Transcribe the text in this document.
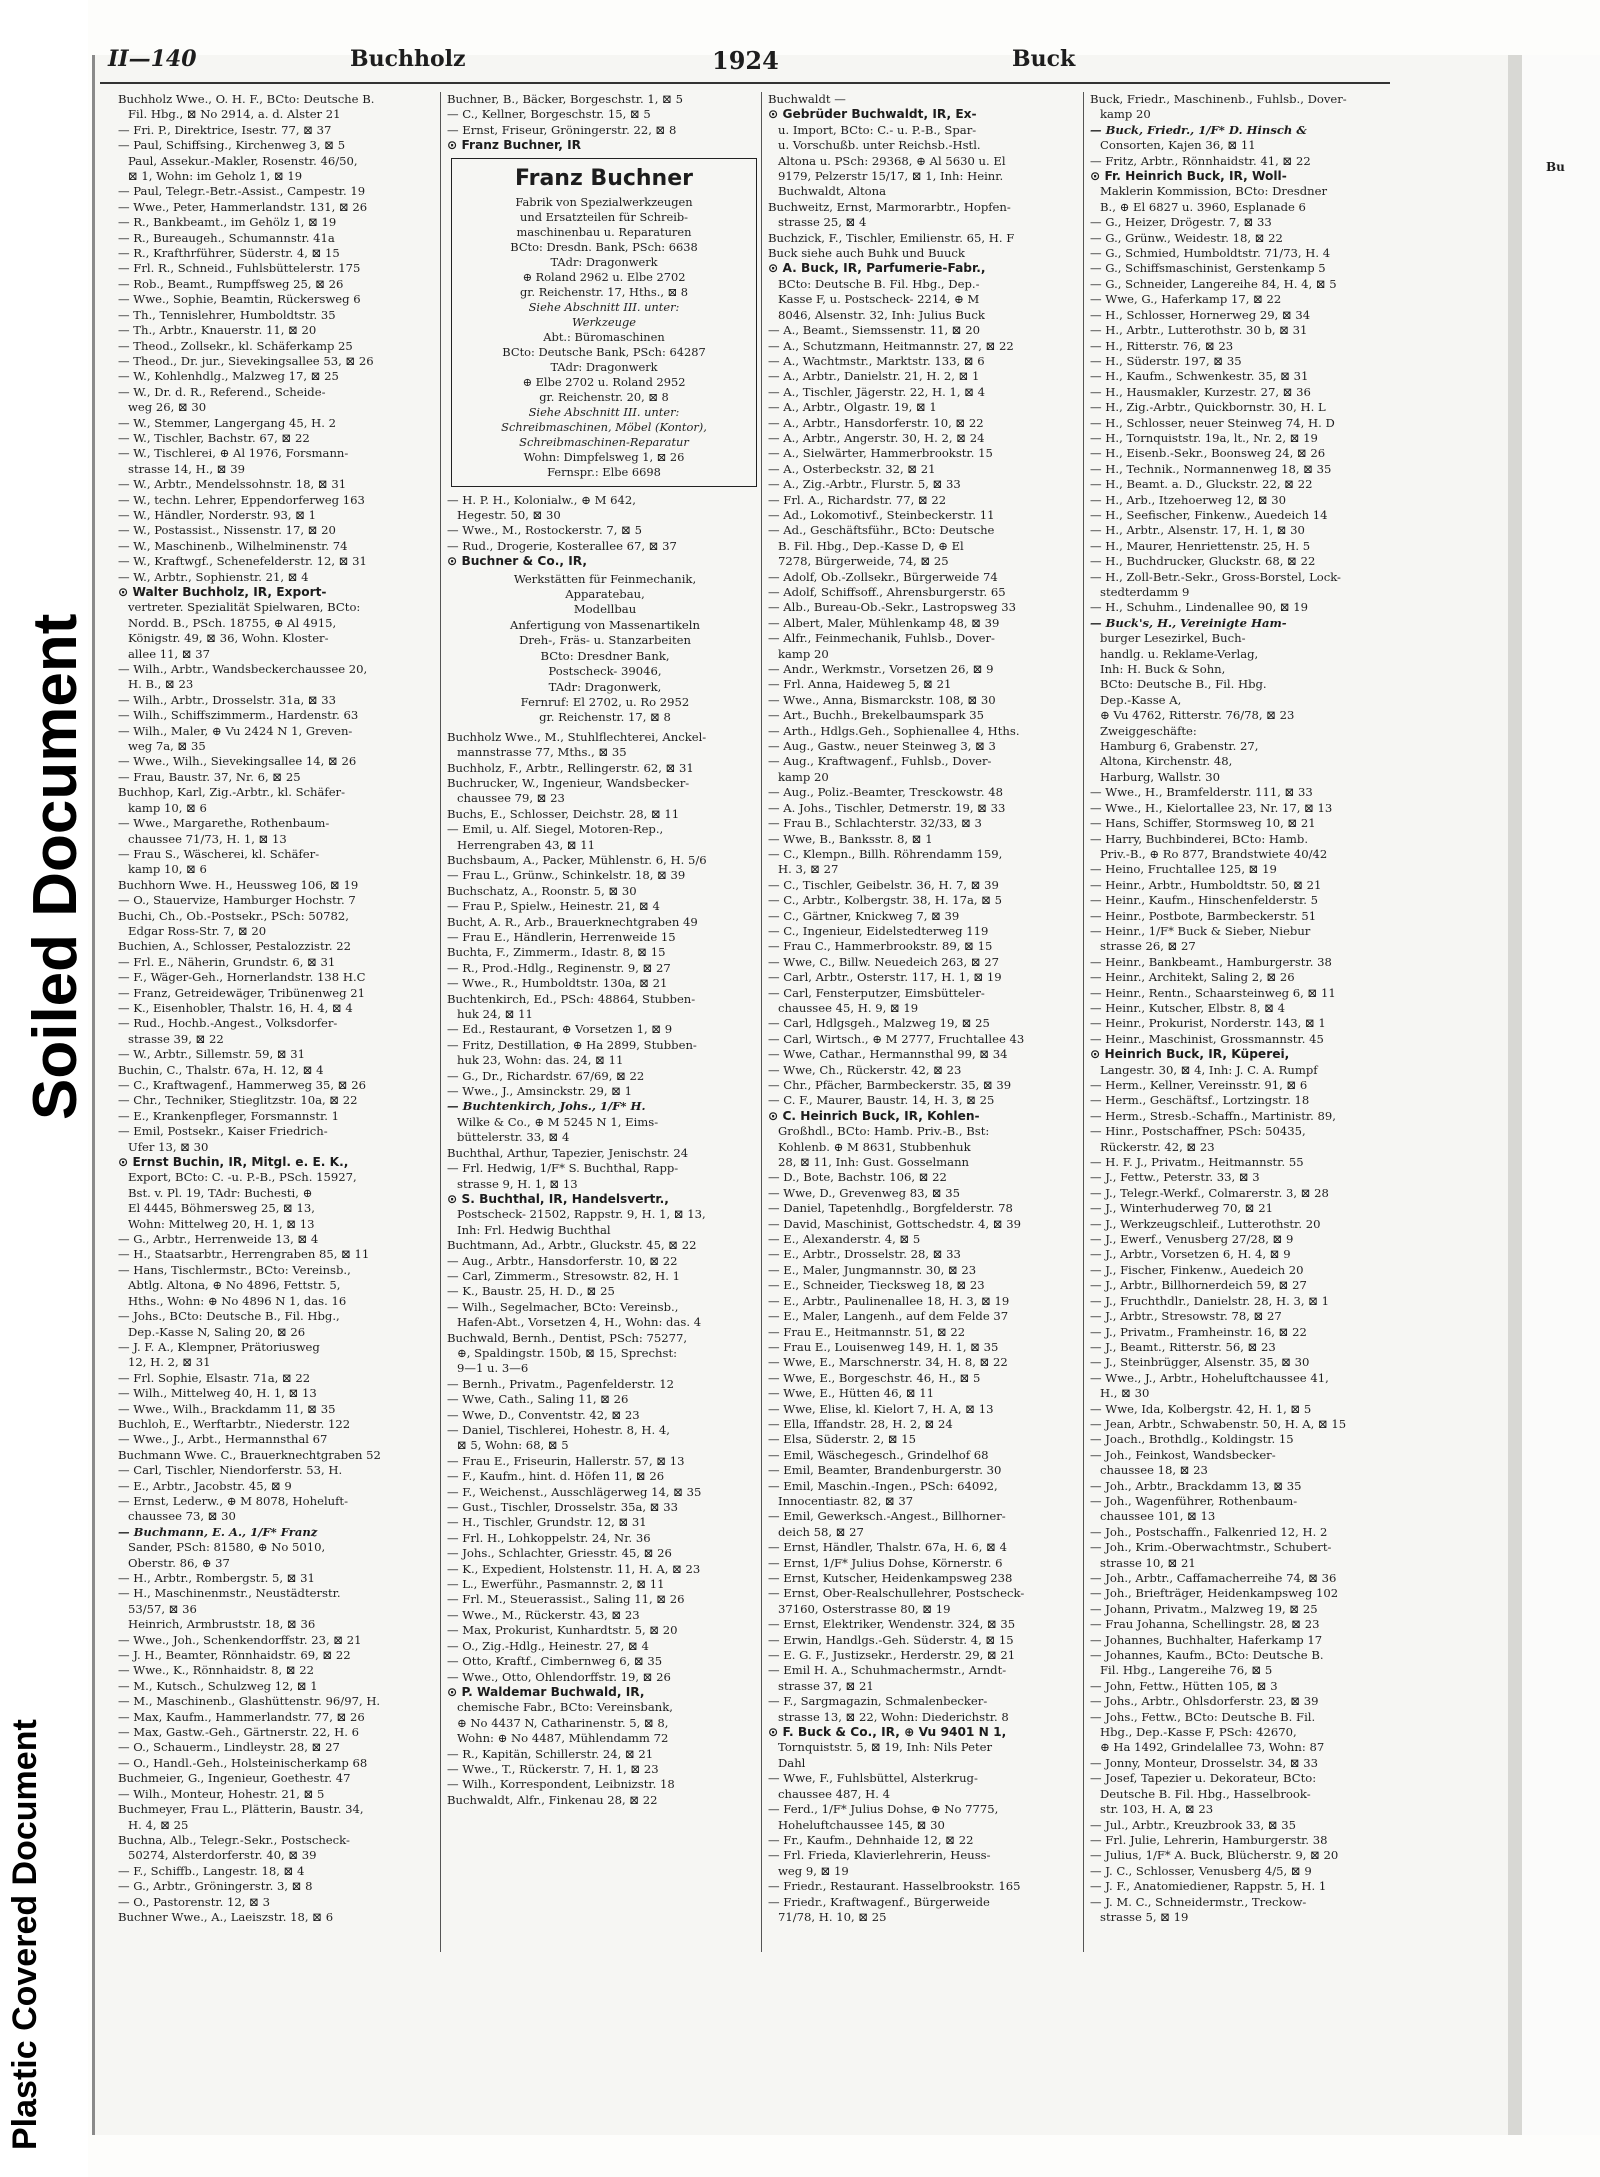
Plastic Covered Document
Soiled Document
Bu
II—140	Buchholz	1924	Buck
Buchholz Wwe., O. H. F., BCto: Deutsche B.
Fil. Hbg., ⊠ No 2914, a. d. Alster 21
— Fri. P., Direktrice, Isestr. 77, ⊠ 37
— Paul, Schiffsing., Kirchenweg 3, ⊠ 5
Paul, Assekur.-Makler, Rosenstr. 46/50,
⊠ 1, Wohn: im Geholz 1, ⊠ 19
— Paul, Telegr.-Betr.-Assist., Campestr. 19
— Wwe., Peter, Hammerlandstr. 131, ⊠ 26
— R., Bankbeamt., im Gehölz 1, ⊠ 19
— R., Bureaugeh., Schumannstr. 41a
— R., Krafthrführer, Süderstr. 4, ⊠ 15
— Frl. R., Schneid., Fuhlsbüttelerstr. 175
— Rob., Beamt., Rumpffsweg 25, ⊠ 26
— Wwe., Sophie, Beamtin, Rückersweg 6
— Th., Tennislehrer, Humboldtstr. 35
— Th., Arbtr., Knauerstr. 11, ⊠ 20
— Theod., Zollsekr., kl. Schäferkamp 25
— Theod., Dr. jur., Sievekingsallee 53, ⊠ 26
— W., Kohlenhdlg., Malzweg 17, ⊠ 25
— W., Dr. d. R., Referend., Scheide-
weg 26, ⊠ 30
— W., Stemmer, Langergang 45, H. 2
— W., Tischler, Bachstr. 67, ⊠ 22
— W., Tischlerei, ⊕ Al 1976, Forsmann-
strasse 14, H., ⊠ 39
— W., Arbtr., Mendelssohnstr. 18, ⊠ 31
— W., techn. Lehrer, Eppendorferweg 163
— W., Händler, Norderstr. 93, ⊠ 1
— W., Postassist., Nissenstr. 17, ⊠ 20
— W., Maschinenb., Wilhelminenstr. 74
— W., Kraftwgf., Schenefelderstr. 12, ⊠ 31
— W., Arbtr., Sophienstr. 21, ⊠ 4
⊙ Walter Buchholz, IR, Export-
vertreter. Spezialität Spielwaren, BCto:
Nordd. B., PSch. 18755, ⊕ Al 4915,
Königstr. 49, ⊠ 36, Wohn. Kloster-
allee 11, ⊠ 37
— Wilh., Arbtr., Wandsbeckerchaussee 20,
H. B., ⊠ 23
— Wilh., Arbtr., Drosselstr. 31a, ⊠ 33
— Wilh., Schiffszimmerm., Hardenstr. 63
— Wilh., Maler, ⊕ Vu 2424 N 1, Greven-
weg 7a, ⊠ 35
— Wwe., Wilh., Sievekingsallee 14, ⊠ 26
— Frau, Baustr. 37, Nr. 6, ⊠ 25
Buchhop, Karl, Zig.-Arbtr., kl. Schäfer-
kamp 10, ⊠ 6
— Wwe., Margarethe, Rothenbaum-
chaussee 71/73, H. 1, ⊠ 13
— Frau S., Wäscherei, kl. Schäfer-
kamp 10, ⊠ 6
Buchhorn Wwe. H., Heussweg 106, ⊠ 19
— O., Stauervize, Hamburger Hochstr. 7
Buchi, Ch., Ob.-Postsekr., PSch: 50782,
Edgar Ross-Str. 7, ⊠ 20
Buchien, A., Schlosser, Pestalozzistr. 22
— Frl. E., Näherin, Grundstr. 6, ⊠ 31
— F., Wäger-Geh., Hornerlandstr. 138 H.C
— Franz, Getreidewäger, Tribünenweg 21
— K., Eisenhobler, Thalstr. 16, H. 4, ⊠ 4
— Rud., Hochb.-Angest., Volksdorfer-
strasse 39, ⊠ 22
— W., Arbtr., Sillemstr. 59, ⊠ 31
Buchin, C., Thalstr. 67a, H. 12, ⊠ 4
— C., Kraftwagenf., Hammerweg 35, ⊠ 26
— Chr., Techniker, Stieglitzstr. 10a, ⊠ 22
— E., Krankenpfleger, Forsmannstr. 1
— Emil, Postsekr., Kaiser Friedrich-
Ufer 13, ⊠ 30
⊙ Ernst Buchin, IR, Mitgl. e. E. K.,
Export, BCto: C. -u. P.-B., PSch. 15927,
Bst. v. Pl. 19, TAdr: Buchesti, ⊕
El 4445, Böhmersweg 25, ⊠ 13,
Wohn: Mittelweg 20, H. 1, ⊠ 13
— G., Arbtr., Herrenweide 13, ⊠ 4
— H., Staatsarbtr., Herrengraben 85, ⊠ 11
— Hans, Tischlermstr., BCto: Vereinsb.,
Abtlg. Altona, ⊕ No 4896, Fettstr. 5,
Hths., Wohn: ⊕ No 4896 N 1, das. 16
— Johs., BCto: Deutsche B., Fil. Hbg.,
Dep.-Kasse N, Saling 20, ⊠ 26
— J. F. A., Klempner, Prätoriusweg
12, H. 2, ⊠ 31
— Frl. Sophie, Elsastr. 71a, ⊠ 22
— Wilh., Mittelweg 40, H. 1, ⊠ 13
— Wwe., Wilh., Brackdamm 11, ⊠ 35
Buchloh, E., Werftarbtr., Niederstr. 122
— Wwe., J., Arbt., Hermannsthal 67
Buchmann Wwe. C., Brauerknechtgraben 52
— Carl, Tischler, Niendorferstr. 53, H.
— E., Arbtr., Jacobstr. 45, ⊠ 9
— Ernst, Lederw., ⊕ M 8078, Hoheluft-
chaussee 73, ⊠ 30
— Buchmann, E. A., 1/F* Franz
Sander, PSch: 81580, ⊕ No 5010,
Oberstr. 86, ⊕ 37
— H., Arbtr., Rombergstr. 5, ⊠ 31
— H., Maschinenmstr., Neustädterstr.
53/57, ⊠ 36
Heinrich, Armbruststr. 18, ⊠ 36
— Wwe., Joh., Schenkendorffstr. 23, ⊠ 21
— J. H., Beamter, Rönnhaidstr. 69, ⊠ 22
— Wwe., K., Rönnhaidstr. 8, ⊠ 22
— M., Kutsch., Schulzweg 12, ⊠ 1
— M., Maschinenb., Glashüttenstr. 96/97, H.
— Max, Kaufm., Hammerlandstr. 77, ⊠ 26
— Max, Gastw.-Geh., Gärtnerstr. 22, H. 6
— O., Schauerm., Lindleystr. 28, ⊠ 27
— O., Handl.-Geh., Holsteinischerkamp 68
Buchmeier, G., Ingenieur, Goethestr. 47
— Wilh., Monteur, Hohestr. 21, ⊠ 5
Buchmeyer, Frau L., Plätterin, Baustr. 34,
H. 4, ⊠ 25
Buchna, Alb., Telegr.-Sekr., Postscheck-
50274, Alsterdorferstr. 40, ⊠ 39
— F., Schiffb., Langestr. 18, ⊠ 4
— G., Arbtr., Gröningerstr. 3, ⊠ 8
— O., Pastorenstr. 12, ⊠ 3
Buchner Wwe., A., Laeiszstr. 18, ⊠ 6
Buchner, B., Bäcker, Borgeschstr. 1, ⊠ 5
— C., Kellner, Borgeschstr. 15, ⊠ 5
— Ernst, Friseur, Gröningerstr. 22, ⊠ 8
⊙ Franz Buchner, IR
Franz Buchner
Fabrik von Spezialwerkzeugen
und Ersatzteilen für Schreib-
maschinenbau u. Reparaturen
BCto: Dresdn. Bank, PSch: 6638
TAdr: Dragonwerk
⊕ Roland 2962 u. Elbe 2702
gr. Reichenstr. 17, Hths., ⊠ 8
Siehe Abschnitt III. unter:
Werkzeuge
Abt.: Büromaschinen
BCto: Deutsche Bank, PSch: 64287
TAdr: Dragonwerk
⊕ Elbe 2702 u. Roland 2952
gr. Reichenstr. 20, ⊠ 8
Siehe Abschnitt III. unter:
Schreibmaschinen, Möbel (Kontor),
Schreibmaschinen-Reparatur
Wohn: Dimpfelsweg 1, ⊠ 26
Fernspr.: Elbe 6698
— H. P. H., Kolonialw., ⊕ M 642,
Hegestr. 50, ⊠ 30
— Wwe., M., Rostockerstr. 7, ⊠ 5
— Rud., Drogerie, Kosterallee 67, ⊠ 37
⊙ Buchner & Co., IR,
Werkstätten für Feinmechanik,
Apparatebau,
Modellbau
Anfertigung von Massenartikeln
Dreh-, Fräs- u. Stanzarbeiten
BCto: Dresdner Bank,
Postscheck- 39046,
TAdr: Dragonwerk,
Fernruf: El 2702, u. Ro 2952
gr. Reichenstr. 17, ⊠ 8
Buchholz Wwe., M., Stuhlflechterei, Anckel-
mannstrasse 77, Mths., ⊠ 35
Buchholz, F., Arbtr., Rellingerstr. 62, ⊠ 31
Buchrucker, W., Ingenieur, Wandsbecker-
chaussee 79, ⊠ 23
Buchs, E., Schlosser, Deichstr. 28, ⊠ 11
— Emil, u. Alf. Siegel, Motoren-Rep.,
Herrengraben 43, ⊠ 11
Buchsbaum, A., Packer, Mühlenstr. 6, H. 5/6
— Frau L., Grünw., Schinkelstr. 18, ⊠ 39
Buchschatz, A., Roonstr. 5, ⊠ 30
— Frau P., Spielw., Heinestr. 21, ⊠ 4
Bucht, A. R., Arb., Brauerknechtgraben 49
— Frau E., Händlerin, Herrenweide 15
Buchta, F., Zimmerm., Idastr. 8, ⊠ 15
— R., Prod.-Hdlg., Reginenstr. 9, ⊠ 27
— Wwe., R., Humboldtstr. 130a, ⊠ 21
Buchtenkirch, Ed., PSch: 48864, Stubben-
huk 24, ⊠ 11
— Ed., Restaurant, ⊕ Vorsetzen 1, ⊠ 9
— Fritz, Destillation, ⊕ Ha 2899, Stubben-
huk 23, Wohn: das. 24, ⊠ 11
— G., Dr., Richardstr. 67/69, ⊠ 22
— Wwe., J., Amsinckstr. 29, ⊠ 1
— Buchtenkirch, Johs., 1/F* H.
Wilke & Co., ⊕ M 5245 N 1, Eims-
büttelerstr. 33, ⊠ 4
Buchthal, Arthur, Tapezier, Jenischstr. 24
— Frl. Hedwig, 1/F* S. Buchthal, Rapp-
strasse 9, H. 1, ⊠ 13
⊙ S. Buchthal, IR, Handelsvertr.,
Postscheck- 21502, Rappstr. 9, H. 1, ⊠ 13,
Inh: Frl. Hedwig Buchthal
Buchtmann, Ad., Arbtr., Gluckstr. 45, ⊠ 22
— Aug., Arbtr., Hansdorferstr. 10, ⊠ 22
— Carl, Zimmerm., Stresowstr. 82, H. 1
— K., Baustr. 25, H. D., ⊠ 25
— Wilh., Segelmacher, BCto: Vereinsb.,
Hafen-Abt., Vorsetzen 4, H., Wohn: das. 4
Buchwald, Bernh., Dentist, PSch: 75277,
⊕, Spaldingstr. 150b, ⊠ 15, Sprechst:
9—1 u. 3—6
— Bernh., Privatm., Pagenfelderstr. 12
— Wwe, Cath., Saling 11, ⊠ 26
— Wwe, D., Conventstr. 42, ⊠ 23
— Daniel, Tischlerei, Hohestr. 8, H. 4,
⊠ 5, Wohn: 68, ⊠ 5
— Frau E., Friseurin, Hallerstr. 57, ⊠ 13
— F., Kaufm., hint. d. Höfen 11, ⊠ 26
— F., Weichenst., Ausschlägerweg 14, ⊠ 35
— Gust., Tischler, Drosselstr. 35a, ⊠ 33
— H., Tischler, Grundstr. 12, ⊠ 31
— Frl. H., Lohkoppelstr. 24, Nr. 36
— Johs., Schlachter, Griesstr. 45, ⊠ 26
— K., Expedient, Holstenstr. 11, H. A, ⊠ 23
— L., Ewerführ., Pasmannstr. 2, ⊠ 11
— Frl. M., Steuerassist., Saling 11, ⊠ 26
— Wwe., M., Rückerstr. 43, ⊠ 23
— Max, Prokurist, Kunhardtstr. 5, ⊠ 20
— O., Zig.-Hdlg., Heinestr. 27, ⊠ 4
— Otto, Kraftf., Cimbernweg 6, ⊠ 35
— Wwe., Otto, Ohlendorffstr. 19, ⊠ 26
⊙ P. Waldemar Buchwald, IR,
chemische Fabr., BCto: Vereinsbank,
⊕ No 4437 N, Catharinenstr. 5, ⊠ 8,
Wohn: ⊕ No 4487, Mühlendamm 72
— R., Kapitän, Schillerstr. 24, ⊠ 21
— Wwe., T., Rückerstr. 7, H. 1, ⊠ 23
— Wilh., Korrespondent, Leibnizstr. 18
Buchwaldt, Alfr., Finkenau 28, ⊠ 22
Buchwaldt —
⊙ Gebrüder Buchwaldt, IR, Ex-
u. Import, BCto: C.- u. P.-B., Spar-
u. Vorschußb. unter Reichsb.-Hstl.
Altona u. PSch: 29368, ⊕ Al 5630 u. El
9179, Pelzerstr 15/17, ⊠ 1, Inh: Heinr.
Buchwaldt, Altona
Buchweitz, Ernst, Marmorarbtr., Hopfen-
strasse 25, ⊠ 4
Buchzick, F., Tischler, Emilienstr. 65, H. F
Buck siehe auch Buhk und Buuck
⊙ A. Buck, IR, Parfumerie-Fabr.,
BCto: Deutsche B. Fil. Hbg., Dep.-
Kasse F, u. Postscheck- 2214, ⊕ M
8046, Alsenstr. 32, Inh: Julius Buck
— A., Beamt., Siemssenstr. 11, ⊠ 20
— A., Schutzmann, Heitmannstr. 27, ⊠ 22
— A., Wachtmstr., Marktstr. 133, ⊠ 6
— A., Arbtr., Danielstr. 21, H. 2, ⊠ 1
— A., Tischler, Jägerstr. 22, H. 1, ⊠ 4
— A., Arbtr., Olgastr. 19, ⊠ 1
— A., Arbtr., Hansdorferstr. 10, ⊠ 22
— A., Arbtr., Angerstr. 30, H. 2, ⊠ 24
— A., Sielwärter, Hammerbrookstr. 15
— A., Osterbeckstr. 32, ⊠ 21
— A., Zig.-Arbtr., Flurstr. 5, ⊠ 33
— Frl. A., Richardstr. 77, ⊠ 22
— Ad., Lokomotivf., Steinbeckerstr. 11
— Ad., Geschäftsführ., BCto: Deutsche
B. Fil. Hbg., Dep.-Kasse D, ⊕ El
7278, Bürgerweide, 74, ⊠ 25
— Adolf, Ob.-Zollsekr., Bürgerweide 74
— Adolf, Schiffsoff., Ahrensburgerstr. 65
— Alb., Bureau-Ob.-Sekr., Lastropsweg 33
— Albert, Maler, Mühlenkamp 48, ⊠ 39
— Alfr., Feinmechanik, Fuhlsb., Dover-
kamp 20
— Andr., Werkmstr., Vorsetzen 26, ⊠ 9
— Frl. Anna, Haideweg 5, ⊠ 21
— Wwe., Anna, Bismarckstr. 108, ⊠ 30
— Art., Buchh., Brekelbaumspark 35
— Arth., Hdlgs.Geh., Sophienallee 4, Hths.
— Aug., Gastw., neuer Steinweg 3, ⊠ 3
— Aug., Kraftwagenf., Fuhlsb., Dover-
kamp 20
— Aug., Poliz.-Beamter, Tresckowstr. 48
— A. Johs., Tischler, Detmerstr. 19, ⊠ 33
— Frau B., Schlachterstr. 32/33, ⊠ 3
— Wwe, B., Banksstr. 8, ⊠ 1
— C., Klempn., Billh. Röhrendamm 159,
H. 3, ⊠ 27
— C., Tischler, Geibelstr. 36, H. 7, ⊠ 39
— C., Arbtr., Kolbergstr. 38, H. 17a, ⊠ 5
— C., Gärtner, Knickweg 7, ⊠ 39
— C., Ingenieur, Eidelstedterweg 119
— Frau C., Hammerbrookstr. 89, ⊠ 15
— Wwe, C., Billw. Neuedeich 263, ⊠ 27
— Carl, Arbtr., Osterstr. 117, H. 1, ⊠ 19
— Carl, Fensterputzer, Eimsbütteler-
chaussee 45, H. 9, ⊠ 19
— Carl, Hdlgsgeh., Malzweg 19, ⊠ 25
— Carl, Wirtsch., ⊕ M 2777, Fruchtallee 43
— Wwe, Cathar., Hermannsthal 99, ⊠ 34
— Wwe, Ch., Rückerstr. 42, ⊠ 23
— Chr., Pfächer, Barmbeckerstr. 35, ⊠ 39
— C. F., Maurer, Baustr. 14, H. 3, ⊠ 25
⊙ C. Heinrich Buck, IR, Kohlen-
Großhdl., BCto: Hamb. Priv.-B., Bst:
Kohlenb. ⊕ M 8631, Stubbenhuk
28, ⊠ 11, Inh: Gust. Gosselmann
— D., Bote, Bachstr. 106, ⊠ 22
— Wwe, D., Grevenweg 83, ⊠ 35
— Daniel, Tapetenhdlg., Borgfelderstr. 78
— David, Maschinist, Gottschedstr. 4, ⊠ 39
— E., Alexanderstr. 4, ⊠ 5
— E., Arbtr., Drosselstr. 28, ⊠ 33
— E., Maler, Jungmannstr. 30, ⊠ 23
— E., Schneider, Tiecksweg 18, ⊠ 23
— E., Arbtr., Paulinenallee 18, H. 3, ⊠ 19
— E., Maler, Langenh., auf dem Felde 37
— Frau E., Heitmannstr. 51, ⊠ 22
— Frau E., Louisenweg 149, H. 1, ⊠ 35
— Wwe, E., Marschnerstr. 34, H. 8, ⊠ 22
— Wwe, E., Borgeschstr. 46, H., ⊠ 5
— Wwe, E., Hütten 46, ⊠ 11
— Wwe, Elise, kl. Kielort 7, H. A, ⊠ 13
— Ella, Iffandstr. 28, H. 2, ⊠ 24
— Elsa, Süderstr. 2, ⊠ 15
— Emil, Wäschegesch., Grindelhof 68
— Emil, Beamter, Brandenburgerstr. 30
— Emil, Maschin.-Ingen., PSch: 64092,
Innocentiastr. 82, ⊠ 37
— Emil, Gewerksch.-Angest., Billhorner-
deich 58, ⊠ 27
— Ernst, Händler, Thalstr. 67a, H. 6, ⊠ 4
— Ernst, 1/F* Julius Dohse, Körnerstr. 6
— Ernst, Kutscher, Heidenkampsweg 238
— Ernst, Ober-Realschullehrer, Postscheck-
37160, Osterstrasse 80, ⊠ 19
— Ernst, Elektriker, Wendenstr. 324, ⊠ 35
— Erwin, Handlgs.-Geh. Süderstr. 4, ⊠ 15
— E. G. F., Justizsekr., Herderstr. 29, ⊠ 21
— Emil H. A., Schuhmachermstr., Arndt-
strasse 37, ⊠ 21
— F., Sargmagazin, Schmalenbecker-
strasse 13, ⊠ 22, Wohn: Diederichstr. 8
⊙ F. Buck & Co., IR, ⊕ Vu 9401 N 1,
Tornquiststr. 5, ⊠ 19, Inh: Nils Peter
Dahl
— Wwe, F., Fuhlsbüttel, Alsterkrug-
chaussee 487, H. 4
— Ferd., 1/F* Julius Dohse, ⊕ No 7775,
Hoheluftchaussee 145, ⊠ 30
— Fr., Kaufm., Dehnhaide 12, ⊠ 22
— Frl. Frieda, Klavierlehrerin, Heuss-
weg 9, ⊠ 19
— Friedr., Restaurant. Hasselbrookstr. 165
— Friedr., Kraftwagenf., Bürgerweide
71/78, H. 10, ⊠ 25
Buck, Friedr., Maschinenb., Fuhlsb., Dover-
kamp 20
— Buck, Friedr., 1/F* D. Hinsch &
Consorten, Kajen 36, ⊠ 11
— Fritz, Arbtr., Rönnhaidstr. 41, ⊠ 22
⊙ Fr. Heinrich Buck, IR, Woll-
Maklerin Kommission, BCto: Dresdner
B., ⊕ El 6827 u. 3960, Esplanade 6
— G., Heizer, Drögestr. 7, ⊠ 33
— G., Grünw., Weidestr. 18, ⊠ 22
— G., Schmied, Humboldtstr. 71/73, H. 4
— G., Schiffsmaschinist, Gerstenkamp 5
— G., Schneider, Langereihe 84, H. 4, ⊠ 5
— Wwe, G., Haferkamp 17, ⊠ 22
— H., Schlosser, Hornerweg 29, ⊠ 34
— H., Arbtr., Lutterothstr. 30 b, ⊠ 31
— H., Ritterstr. 76, ⊠ 23
— H., Süderstr. 197, ⊠ 35
— H., Kaufm., Schwenkestr. 35, ⊠ 31
— H., Hausmakler, Kurzestr. 27, ⊠ 36
— H., Zig.-Arbtr., Quickbornstr. 30, H. L
— H., Schlosser, neuer Steinweg 74, H. D
— H., Tornquiststr. 19a, lt., Nr. 2, ⊠ 19
— H., Eisenb.-Sekr., Boonsweg 24, ⊠ 26
— H., Technik., Normannenweg 18, ⊠ 35
— H., Beamt. a. D., Gluckstr. 22, ⊠ 22
— H., Arb., Itzehoerweg 12, ⊠ 30
— H., Seefischer, Finkenw., Auedeich 14
— H., Arbtr., Alsenstr. 17, H. 1, ⊠ 30
— H., Maurer, Henriettenstr. 25, H. 5
— H., Buchdrucker, Gluckstr. 68, ⊠ 22
— H., Zoll-Betr.-Sekr., Gross-Borstel, Lock-
stedterdamm 9
— H., Schuhm., Lindenallee 90, ⊠ 19
— Buck's, H., Vereinigte Ham-
burger Lesezirkel, Buch-
handlg. u. Reklame-Verlag,
Inh: H. Buck & Sohn,
BCto: Deutsche B., Fil. Hbg.
Dep.-Kasse A,
⊕ Vu 4762, Ritterstr. 76/78, ⊠ 23
Zweiggeschäfte:
Hamburg 6, Grabenstr. 27,
Altona, Kirchenstr. 48,
Harburg, Wallstr. 30
— Wwe., H., Bramfelderstr. 111, ⊠ 33
— Wwe., H., Kielortallee 23, Nr. 17, ⊠ 13
— Hans, Schiffer, Stormsweg 10, ⊠ 21
— Harry, Buchbinderei, BCto: Hamb.
Priv.-B., ⊕ Ro 877, Brandstwiete 40/42
— Heino, Fruchtallee 125, ⊠ 19
— Heinr., Arbtr., Humboldtstr. 50, ⊠ 21
— Heinr., Kaufm., Hinschenfelderstr. 5
— Heinr., Postbote, Barmbeckerstr. 51
— Heinr., 1/F* Buck & Sieber, Niebur
strasse 26, ⊠ 27
— Heinr., Bankbeamt., Hamburgerstr. 38
— Heinr., Architekt, Saling 2, ⊠ 26
— Heinr., Rentn., Schaarsteinweg 6, ⊠ 11
— Heinr., Kutscher, Elbstr. 8, ⊠ 4
— Heinr., Prokurist, Norderstr. 143, ⊠ 1
— Heinr., Maschinist, Grossmannstr. 45
⊙ Heinrich Buck, IR, Küperei,
Langestr. 30, ⊠ 4, Inh: J. C. A. Rumpf
— Herm., Kellner, Vereinsstr. 91, ⊠ 6
— Herm., Geschäftsf., Lortzingstr. 18
— Herm., Stresb.-Schaffn., Martinistr. 89,
— Hinr., Postschaffner, PSch: 50435,
Rückerstr. 42, ⊠ 23
— H. F. J., Privatm., Heitmannstr. 55
— J., Fettw., Peterstr. 33, ⊠ 3
— J., Telegr.-Werkf., Colmarerstr. 3, ⊠ 28
— J., Winterhuderweg 70, ⊠ 21
— J., Werkzeugschleif., Lutterothstr. 20
— J., Ewerf., Venusberg 27/28, ⊠ 9
— J., Arbtr., Vorsetzen 6, H. 4, ⊠ 9
— J., Fischer, Finkenw., Auedeich 20
— J., Arbtr., Billhornerdeich 59, ⊠ 27
— J., Fruchthdlr., Danielstr. 28, H. 3, ⊠ 1
— J., Arbtr., Stresowstr. 78, ⊠ 27
— J., Privatm., Framheinstr. 16, ⊠ 22
— J., Beamt., Ritterstr. 56, ⊠ 23
— J., Steinbrügger, Alsenstr. 35, ⊠ 30
— Wwe., J., Arbtr., Hoheluftchaussee 41,
H., ⊠ 30
— Wwe, Ida, Kolbergstr. 42, H. 1, ⊠ 5
— Jean, Arbtr., Schwabenstr. 50, H. A, ⊠ 15
— Joach., Brothdlg., Koldingstr. 15
— Joh., Feinkost, Wandsbecker-
chaussee 18, ⊠ 23
— Joh., Arbtr., Brackdamm 13, ⊠ 35
— Joh., Wagenführer, Rothenbaum-
chaussee 101, ⊠ 13
— Joh., Postschaffn., Falkenried 12, H. 2
— Joh., Krim.-Oberwachtmstr., Schubert-
strasse 10, ⊠ 21
— Joh., Arbtr., Caffamacherreihe 74, ⊠ 36
— Joh., Briefträger, Heidenkampsweg 102
— Johann, Privatm., Malzweg 19, ⊠ 25
— Frau Johanna, Schellingstr. 28, ⊠ 23
— Johannes, Buchhalter, Haferkamp 17
— Johannes, Kaufm., BCto: Deutsche B.
Fil. Hbg., Langereihe 76, ⊠ 5
— John, Fettw., Hütten 105, ⊠ 3
— Johs., Arbtr., Ohlsdorferstr. 23, ⊠ 39
— Johs., Fettw., BCto: Deutsche B. Fil.
Hbg., Dep.-Kasse F, PSch: 42670,
⊕ Ha 1492, Grindelallee 73, Wohn: 87
— Jonny, Monteur, Drosselstr. 34, ⊠ 33
— Josef, Tapezier u. Dekorateur, BCto:
Deutsche B. Fil. Hbg., Hasselbrook-
str. 103, H. A, ⊠ 23
— Jul., Arbtr., Kreuzbrook 33, ⊠ 35
— Frl. Julie, Lehrerin, Hamburgerstr. 38
— Julius, 1/F* A. Buck, Blücherstr. 9, ⊠ 20
— J. C., Schlosser, Venusberg 4/5, ⊠ 9
— J. F., Anatomiediener, Rappstr. 5, H. 1
— J. M. C., Schneidermstr., Treckow-
strasse 5, ⊠ 19
